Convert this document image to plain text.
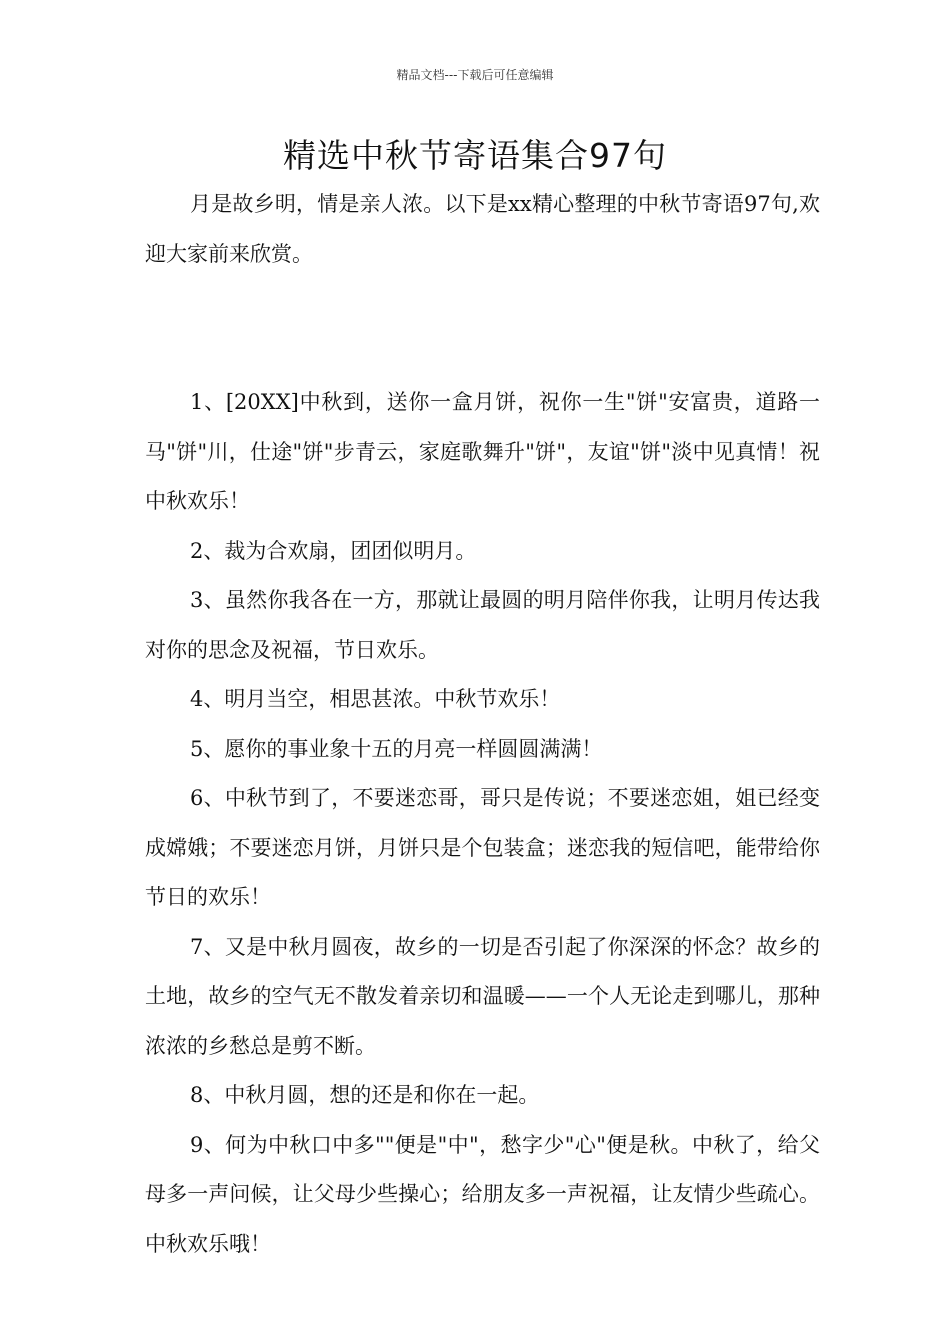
精品文档---下载后可任意编辑
精选中秋节寄语集合97句

月是故乡明，情是亲人浓。以下是xx精心整理的中秋节寄语97句,欢迎大家前来欣赏。

1、[20XX]中秋到，送你一盒月饼，祝你一生"饼"安富贵，道路一马"饼"川，仕途"饼"步青云，家庭歌舞升"饼"，友谊"饼"淡中见真情！祝中秋欢乐！

2、裁为合欢扇，团团似明月。

3、虽然你我各在一方，那就让最圆的明月陪伴你我，让明月传达我对你的思念及祝福，节日欢乐。

4、明月当空，相思甚浓。中秋节欢乐！

5、愿你的事业象十五的月亮一样圆圆满满！

6、中秋节到了，不要迷恋哥，哥只是传说；不要迷恋姐，姐已经变成嫦娥；不要迷恋月饼，月饼只是个包装盒；迷恋我的短信吧，能带给你节日的欢乐！

7、又是中秋月圆夜，故乡的一切是否引起了你深深的怀念？故乡的土地，故乡的空气无不散发着亲切和温暖——一个人无论走到哪儿，那种浓浓的乡愁总是剪不断。

8、中秋月圆，想的还是和你在一起。

9、何为中秋口中多""便是"中"，愁字少"心"便是秋。中秋了，给父母多一声问候，让父母少些操心；给朋友多一声祝福，让友情少些疏心。中秋欢乐哦！
